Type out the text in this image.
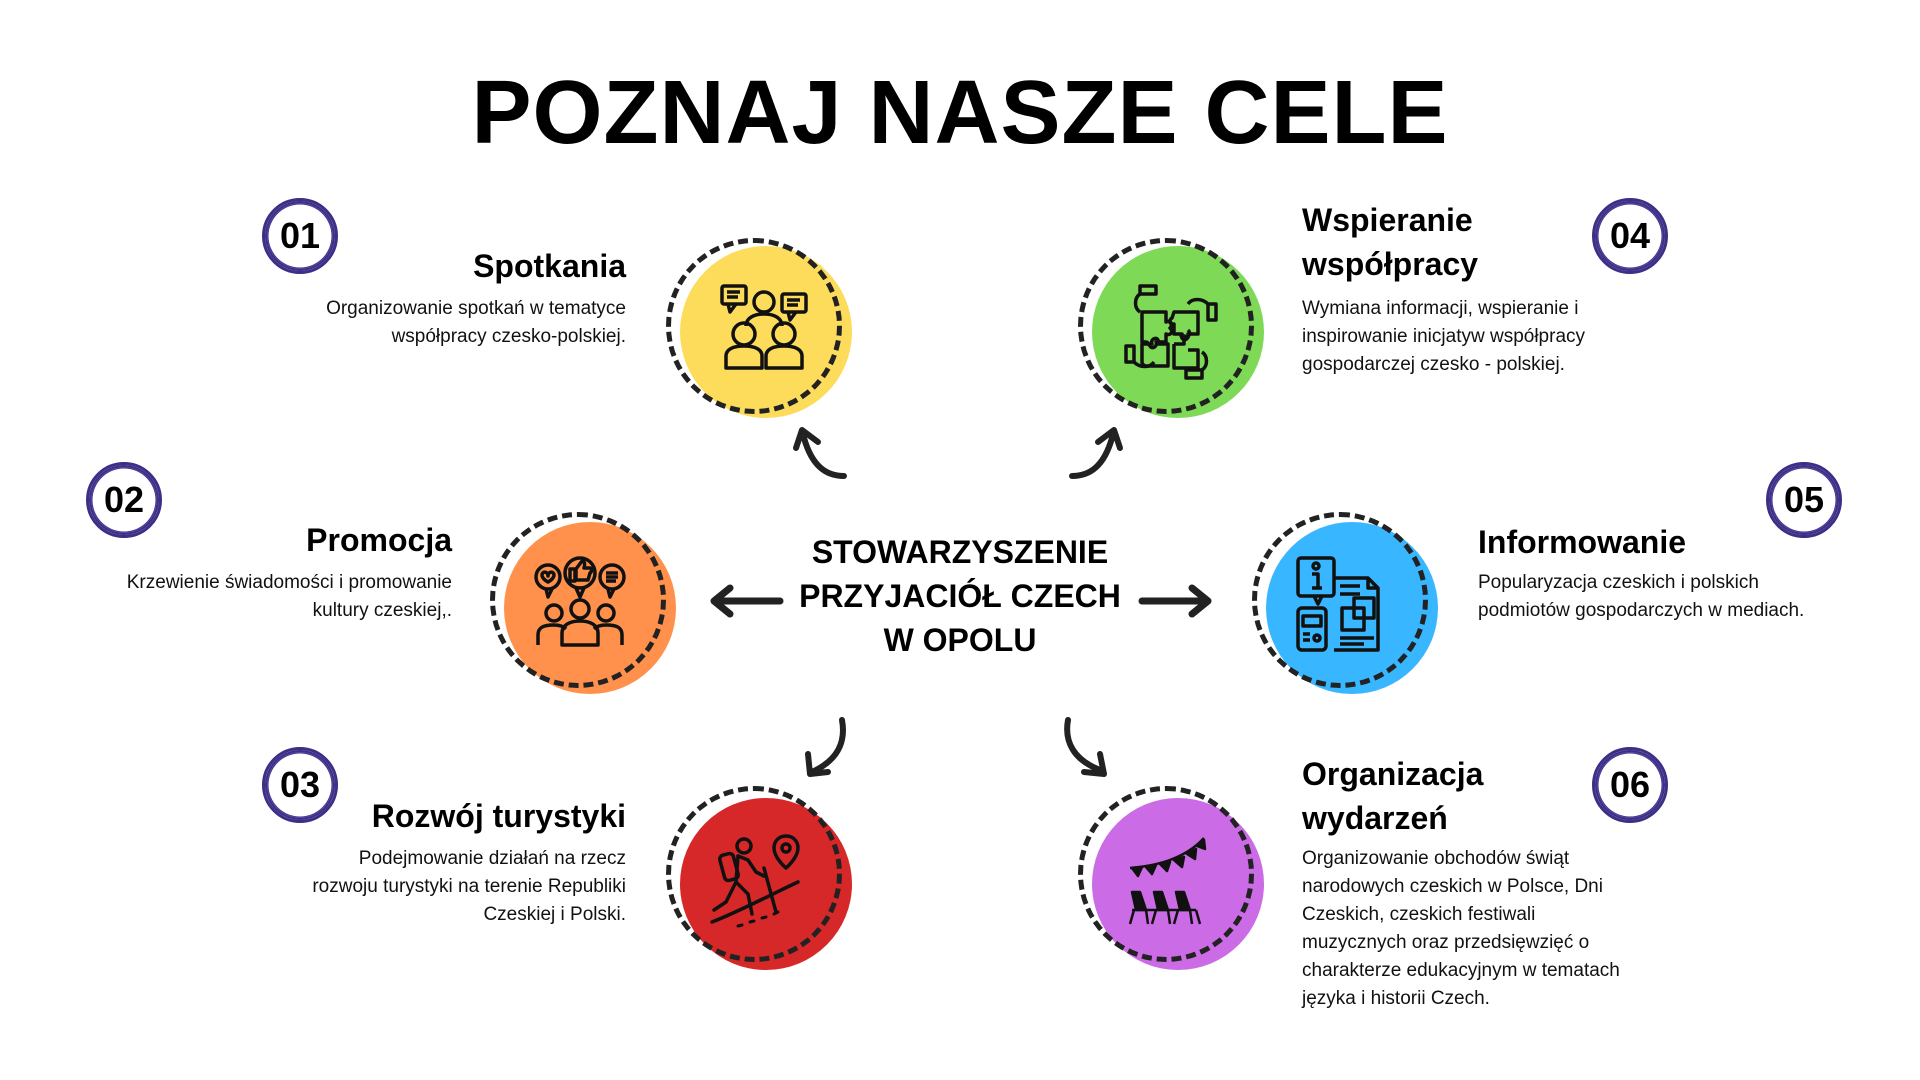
POZNAJ NASZE CELE
STOWARZYSZENIE
PRZYJACIÓŁ CZECH
W OPOLU
01
Spotkania
Organizowanie spotkań w tematyce
współpracy czesko-polskiej.
02
Promocja
Krzewienie świadomości i promowanie
kultury czeskiej,.
03
Rozwój turystyki
Podejmowanie działań na rzecz
rozwoju turystyki na terenie Republiki
Czeskiej i Polski.
Wspieranie
współpracy
04
Wymiana informacji, wspieranie i
inspirowanie inicjatyw współpracy
gospodarczej czesko - polskiej.
05
Informowanie
Popularyzacja czeskich i polskich
podmiotów gospodarczych w mediach.
Organizacja
wydarzeń
06
Organizowanie obchodów świąt
narodowych czeskich w Polsce, Dni
Czeskich, czeskich festiwali
muzycznych oraz przedsięwzięć o
charakterze edukacyjnym w tematach
języka i historii Czech.
